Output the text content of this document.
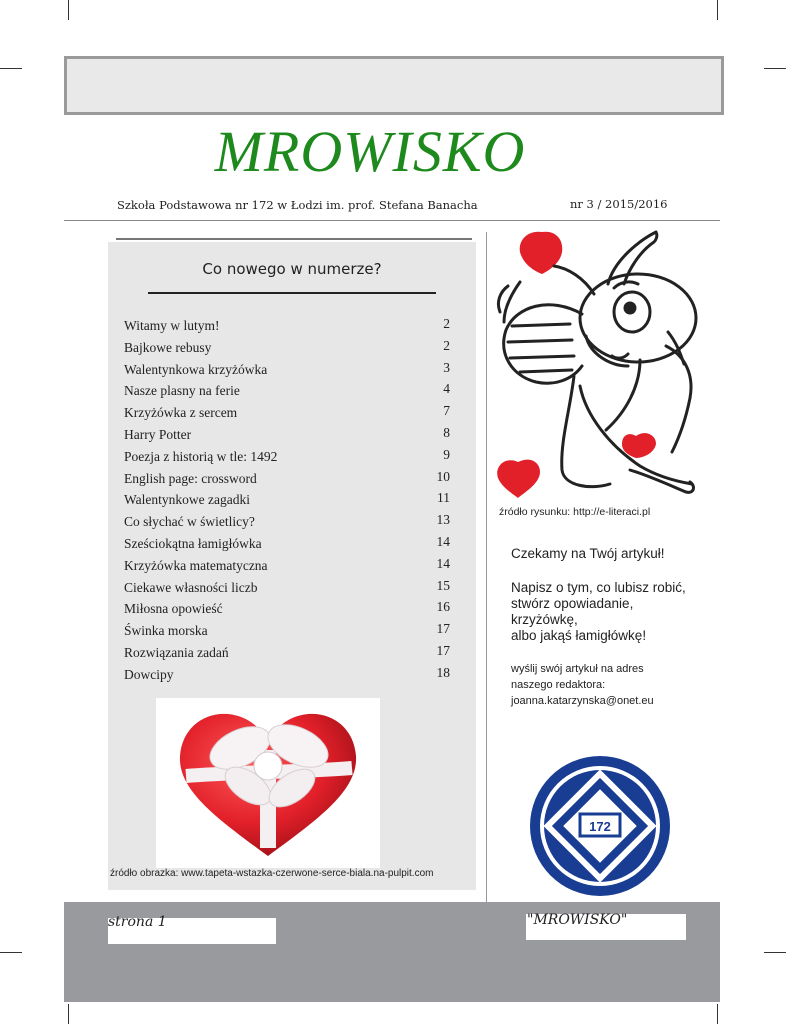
MROWISKO
Szkoła Podstawowa nr 172 w Łodzi im. prof. Stefana Banacha	nr 3 / 2015/2016
Co nowego w numerze?
Witamy w lutym!	2
Bajkowe rebusy	2
Walentynkowa krzyżówka	3
Nasze plasny na ferie	4
Krzyżówka z sercem	7
Harry Potter	8
Poezja z historią w tle: 1492	9
English page: crossword	10
Walentynkowe zagadki	11
Co słychać w świetlicy?	13
Sześciokątna łamigłówka	14
Krzyżówka matematyczna	14
Ciekawe własności liczb	15
Miłosna opowieść	16
Świnka morska	17
Rozwiązania zadań	17
Dowcipy	18
źródło obrazka: www.tapeta-wstazka-czerwone-serce-biala.na-pulpit.com
źródło rysunku: http://e-literaci.pl
Czekamy na Twój artykuł!
Napisz o tym, co lubisz robić,
stwórz opowiadanie,
krzyżówkę,
albo jakąś łamigłówkę!
wyślij swój artykuł na adres
naszego redaktora:
joanna.katarzynska@onet.eu
172
strona 1	"MROWISKO"
